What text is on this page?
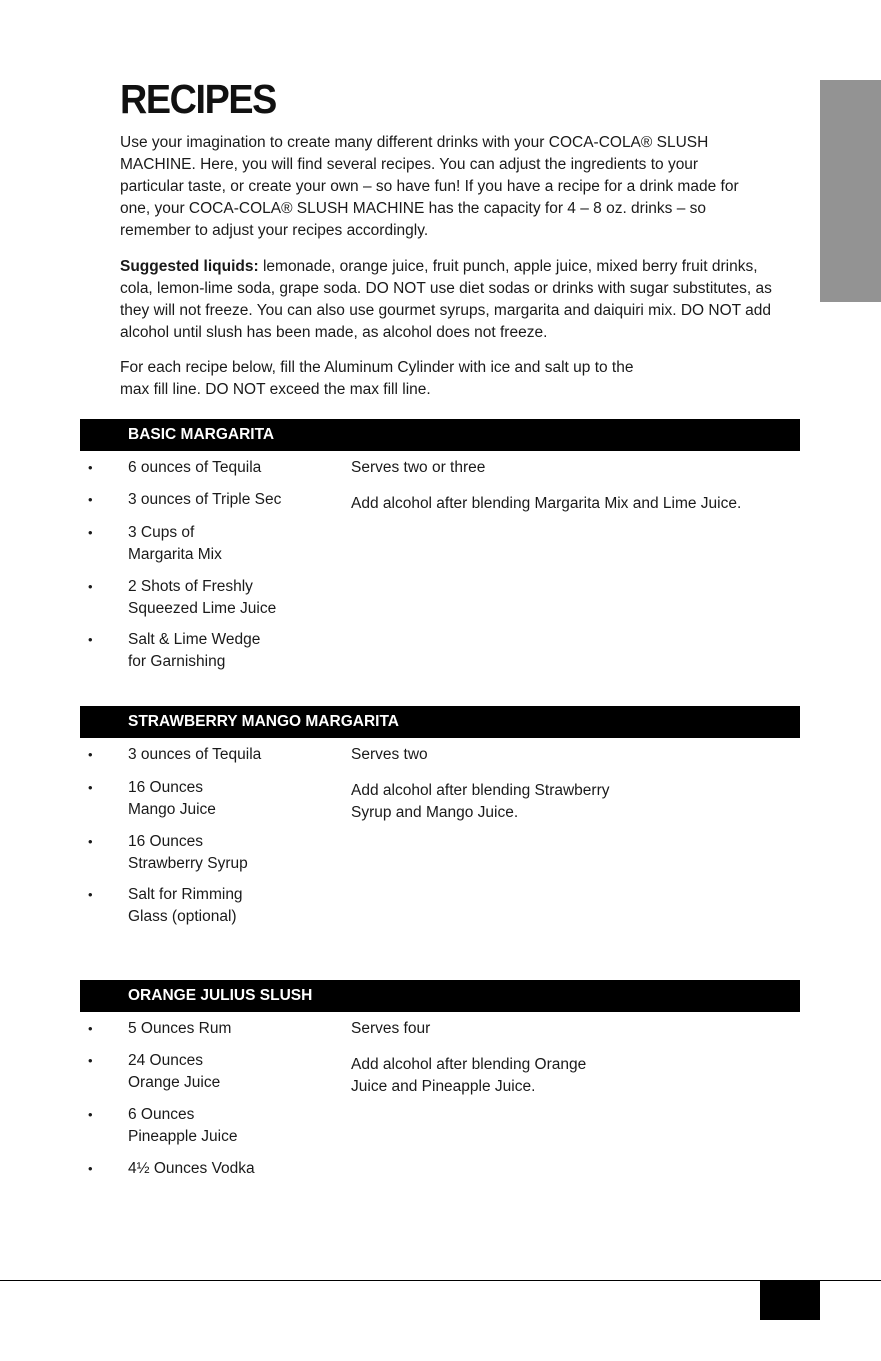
RECIPES

Use your imagination to create many different drinks with your COCA-COLA® SLUSH MACHINE. Here, you will find several recipes. You can adjust the ingredients to your particular taste, or create your own – so have fun! If you have a recipe for a drink made for one, your COCA-COLA® SLUSH MACHINE has the capacity for 4 – 8 oz. drinks – so remember to adjust your recipes accordingly.

Suggested liquids: lemonade, orange juice, fruit punch, apple juice, mixed berry fruit drinks, cola, lemon-lime soda, grape soda. DO NOT use diet sodas or drinks with sugar substitutes, as they will not freeze. You can also use gourmet syrups, margarita and daiquiri mix. DO NOT add alcohol until slush has been made, as alcohol does not freeze.

For each recipe below, fill the Aluminum Cylinder with ice and salt up to the max fill line. DO NOT exceed the max fill line.

BASIC MARGARITA
• 6 ounces of Tequila
• 3 ounces of Triple Sec
• 3 Cups of
Margarita Mix
• 2 Shots of Freshly
Squeezed Lime Juice
• Salt & Lime Wedge
for Garnishing
Serves two or three
Add alcohol after blending Margarita Mix and Lime Juice.
STRAWBERRY MANGO MARGARITA
• 3 ounces of Tequila
• 16 Ounces
Mango Juice
• 16 Ounces
Strawberry Syrup
• Salt for Rimming
Glass (optional)
Serves two
Add alcohol after blending Strawberry
Syrup and Mango Juice.
ORANGE JULIUS SLUSH
• 5 Ounces Rum
• 24 Ounces
Orange Juice
• 6 Ounces
Pineapple Juice
• 4½ Ounces Vodka
Serves four
Add alcohol after blending Orange
Juice and Pineapple Juice.
